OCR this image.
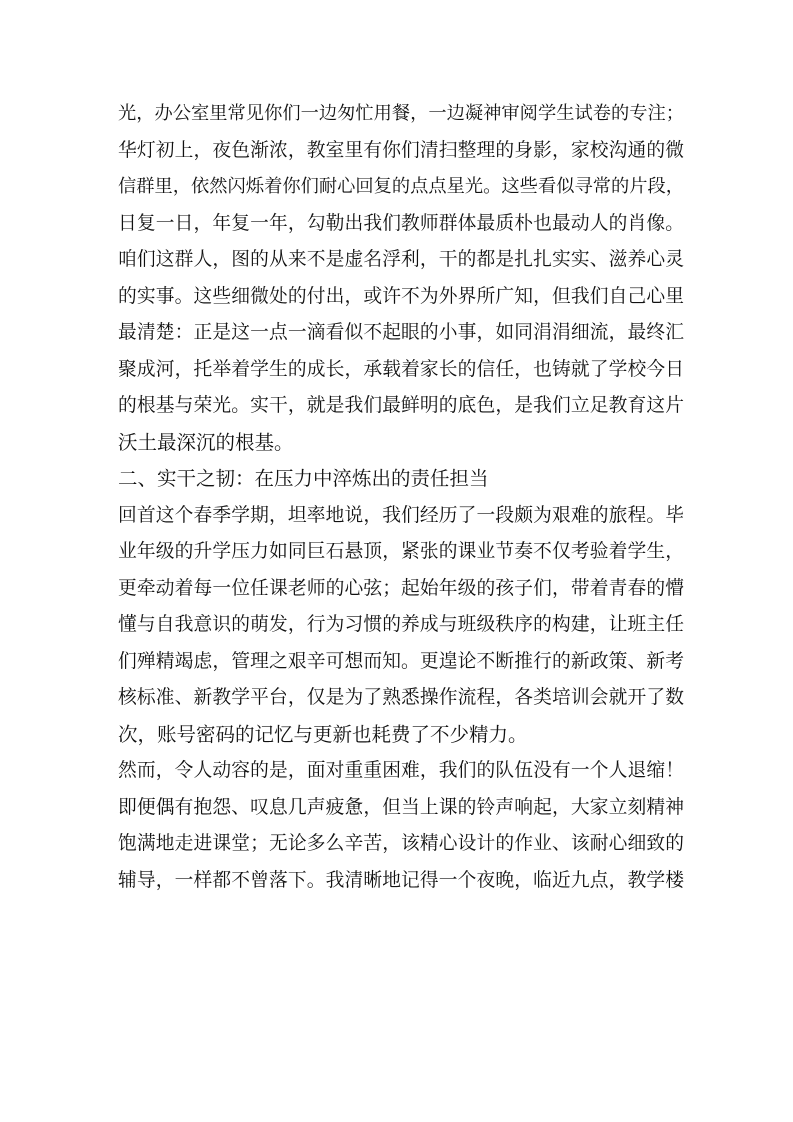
光，办公室里常见你们一边匆忙用餐，一边凝神审阅学生试卷的专注；
华灯初上，夜色渐浓，教室里有你们清扫整理的身影，家校沟通的微
信群里，依然闪烁着你们耐心回复的点点星光。这些看似寻常的片段，
日复一日，年复一年，勾勒出我们教师群体最质朴也最动人的肖像。
咱们这群人，图的从来不是虚名浮利，干的都是扎扎实实、滋养心灵
的实事。这些细微处的付出，或许不为外界所广知，但我们自己心里
最清楚：正是这一点一滴看似不起眼的小事，如同涓涓细流，最终汇
聚成河，托举着学生的成长，承载着家长的信任，也铸就了学校今日
的根基与荣光。实干，就是我们最鲜明的底色，是我们立足教育这片
沃土最深沉的根基。
二、实干之韧：在压力中淬炼出的责任担当
回首这个春季学期，坦率地说，我们经历了一段颇为艰难的旅程。毕
业年级的升学压力如同巨石悬顶，紧张的课业节奏不仅考验着学生，
更牵动着每一位任课老师的心弦；起始年级的孩子们，带着青春的懵
懂与自我意识的萌发，行为习惯的养成与班级秩序的构建，让班主任
们殚精竭虑，管理之艰辛可想而知。更遑论不断推行的新政策、新考
核标准、新教学平台，仅是为了熟悉操作流程，各类培训会就开了数
次，账号密码的记忆与更新也耗费了不少精力。
然而，令人动容的是，面对重重困难，我们的队伍没有一个人退缩！
即便偶有抱怨、叹息几声疲惫，但当上课的铃声响起，大家立刻精神
饱满地走进课堂；无论多么辛苦，该精心设计的作业、该耐心细致的
辅导，一样都不曾落下。我清晰地记得一个夜晚，临近九点，教学楼
